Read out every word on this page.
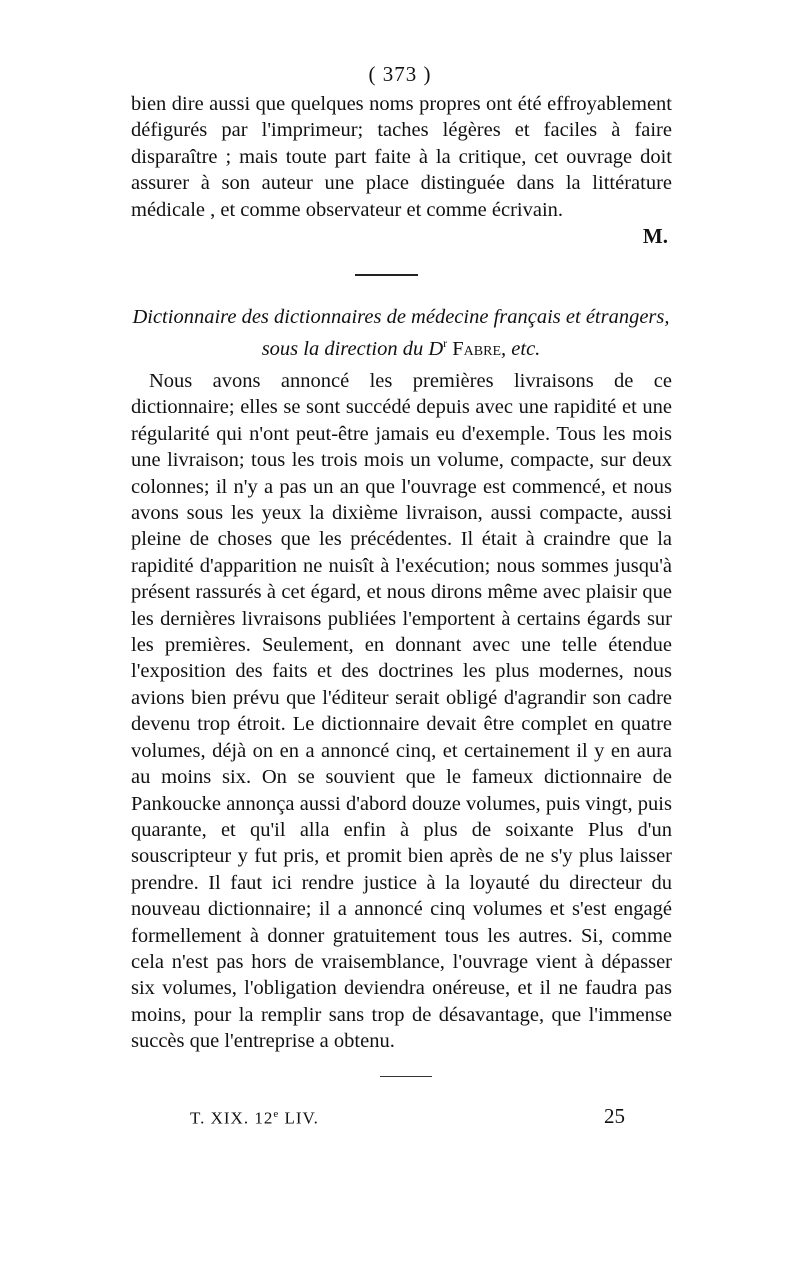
( 373 )

bien dire aussi que quelques noms propres ont été effroyablement défigurés par l'imprimeur; taches légères et faciles à faire disparaître ; mais toute part faite à la critique, cet ouvrage doit assurer à son auteur une place distinguée dans la littérature médicale , et comme observateur et comme écrivain.

M.
Dictionnaire des dictionnaires de médecine français et étrangers,
sous la direction du $D^r$ Fabre, etc.

Nous avons annoncé les premières livraisons de ce dictionnaire; elles se sont succédé depuis avec une rapidité et une régularité qui n'ont peut-être jamais eu d'exemple. Tous les mois une livraison; tous les trois mois un volume, compacte, sur deux colonnes; il n'y a pas un an que l'ouvrage est commencé, et nous avons sous les yeux la dixième livraison, aussi compacte, aussi pleine de choses que les précédentes. Il était à craindre que la rapidité d'apparition ne nuisît à l'exécution; nous sommes jusqu'à présent rassurés à cet égard, et nous dirons même avec plaisir que les dernières livraisons publiées l'emportent à certains égards sur les premières. Seulement, en donnant avec une telle étendue l'exposition des faits et des doctrines les plus modernes, nous avions bien prévu que l'éditeur serait obligé d'agrandir son cadre devenu trop étroit. Le dictionnaire devait être complet en quatre volumes, déjà on en a annoncé cinq, et certainement il y en aura au moins six. On se souvient que le fameux dictionnaire de Pankoucke annonça aussi d'abord douze volumes, puis vingt, puis quarante, et qu'il alla enfin à plus de soixante Plus d'un souscripteur y fut pris, et promit bien après de ne s'y plus laisser prendre. Il faut ici rendre justice à la loyauté du directeur du nouveau dictionnaire; il a annoncé cinq volumes et s'est engagé formellement à donner gratuitement tous les autres. Si, comme cela n'est pas hors de vraisemblance, l'ouvrage vient à dépasser six volumes, l'obligation deviendra onéreuse, et il ne faudra pas moins, pour la remplir sans trop de désavantage, que l'immense succès que l'entreprise a obtenu.

T. XIX. 12e LIV.	25
